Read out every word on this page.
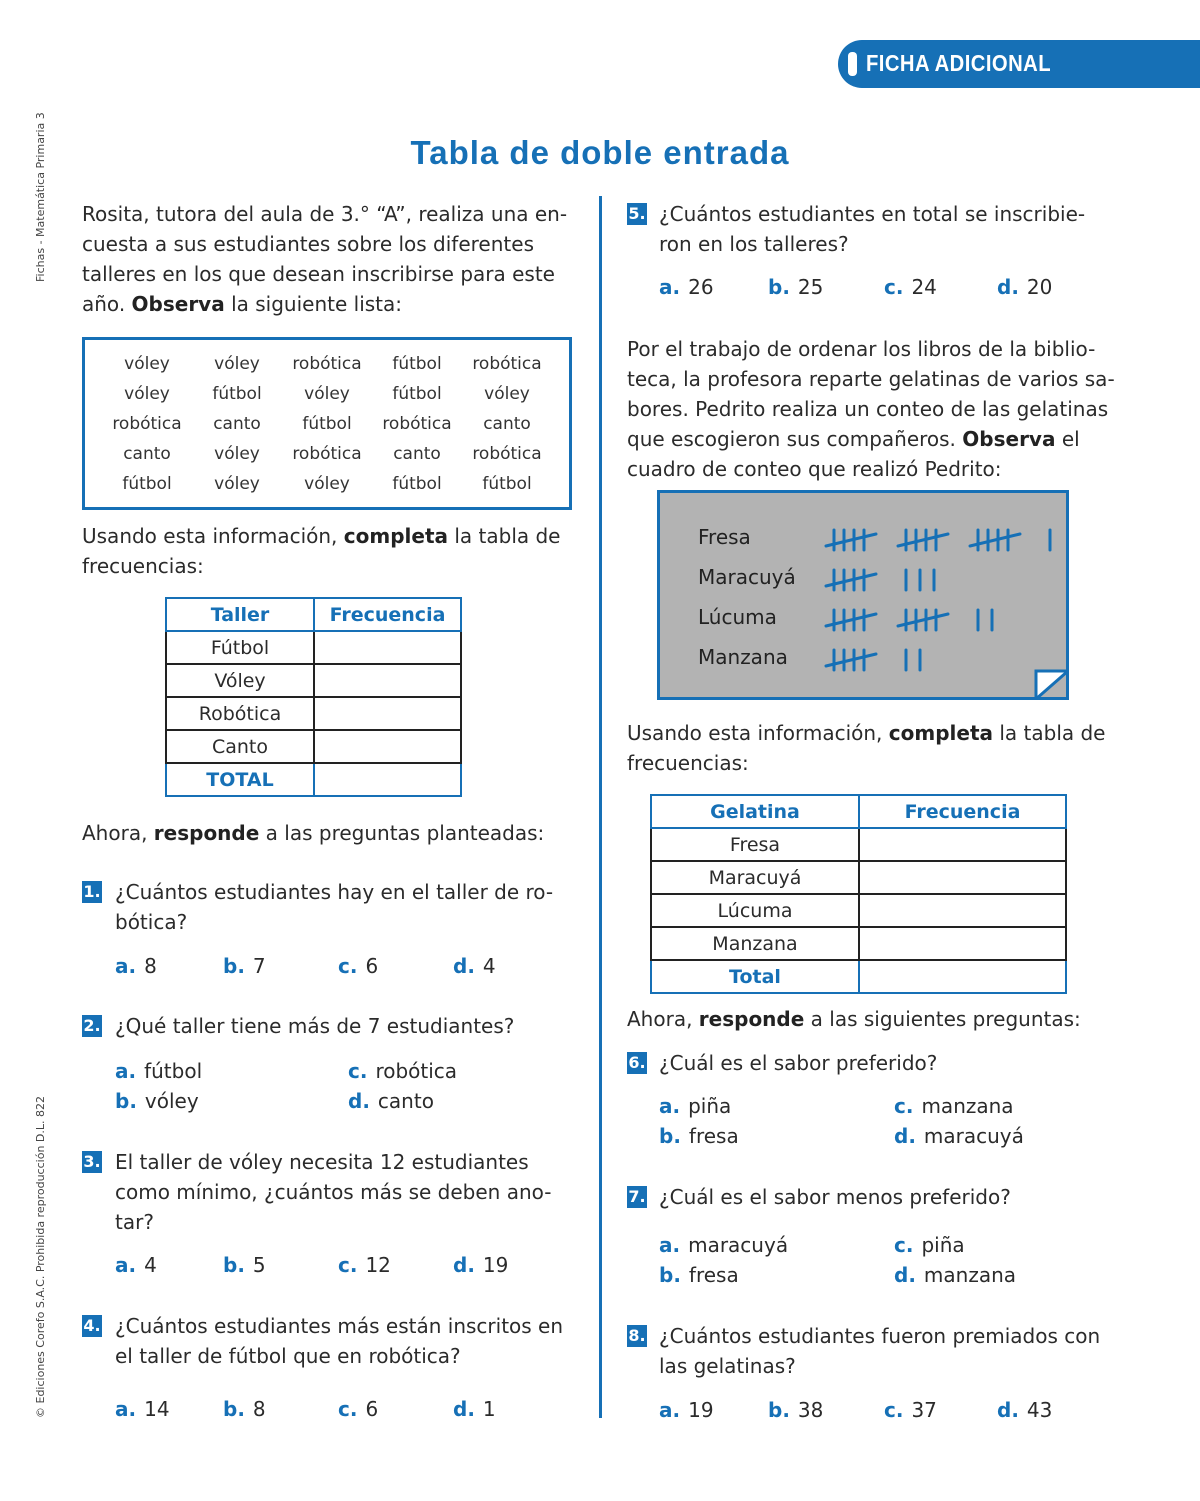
FICHA ADICIONAL
Tabla de doble entrada
Fichas - Matemática Primaria 3
© Ediciones Corefo S.A.C. Prohibida reproducción D.L. 822
Rosita, tutora del aula de 3.° “A”, realiza una en-
cuesta a sus estudiantes sobre los diferentes
talleres en los que desean inscribirse para este
año. Observa la siguiente lista:
vóley	vóley	robótica	fútbol	robótica
vóley	fútbol	vóley	fútbol	vóley
robótica	canto	fútbol	robótica	canto
canto	vóley	robótica	canto	robótica
fútbol	vóley	vóley	fútbol	fútbol
Usando esta información, completa la tabla de
frecuencias:
Taller	Frecuencia
Fútbol	
Vóley	
Robótica	
Canto	
TOTAL	
Ahora, responde a las preguntas planteadas:
1. ¿Cuántos estudiantes hay en el taller de ro-
bótica?
a. 8	b. 7	c. 6	d. 4
2. ¿Qué taller tiene más de 7 estudiantes?
a. fútbol	c. robótica
b. vóley	d. canto
3. El taller de vóley necesita 12 estudiantes
como mínimo, ¿cuántos más se deben ano-
tar?
a. 4	b. 5	c. 12	d. 19
4. ¿Cuántos estudiantes más están inscritos en
el taller de fútbol que en robótica?
a. 14	b. 8	c. 6	d. 1
5. ¿Cuántos estudiantes en total se inscribie-
ron en los talleres?
a. 26	b. 25	c. 24	d. 20
Por el trabajo de ordenar los libros de la biblio-
teca, la profesora reparte gelatinas de varios sa-
bores. Pedrito realiza un conteo de las gelatinas
que escogieron sus compañeros. Observa el
cuadro de conteo que realizó Pedrito:
Fresa
Maracuyá
Lúcuma
Manzana
Usando esta información, completa la tabla de
frecuencias:
Gelatina	Frecuencia
Fresa	
Maracuyá	
Lúcuma	
Manzana	
Total	
Ahora, responde a las siguientes preguntas:
6. ¿Cuál es el sabor preferido?
a. piña	c. manzana
b. fresa	d. maracuyá
7. ¿Cuál es el sabor menos preferido?
a. maracuyá	c. piña
b. fresa	d. manzana
8. ¿Cuántos estudiantes fueron premiados con
las gelatinas?
a. 19	b. 38	c. 37	d. 43
